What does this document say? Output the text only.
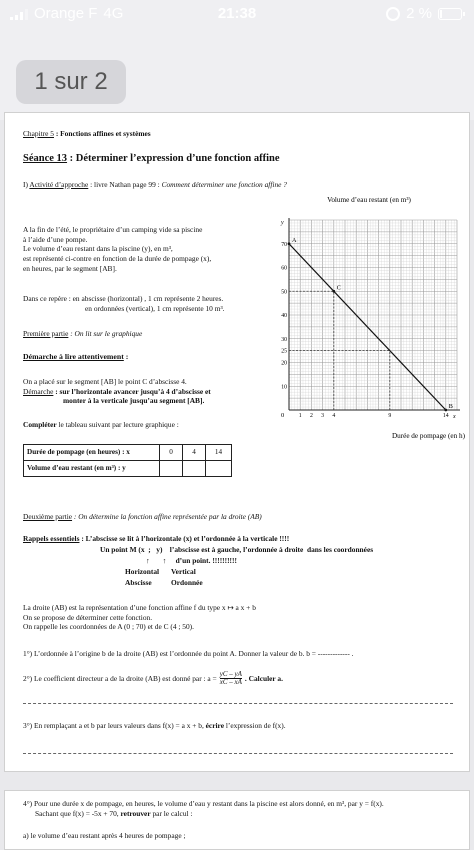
Orange F 4G	21:38	2 %
1 sur 2
Chapitre 5 : Fonctions affines et systèmes
Séance 13 : Déterminer l’expression d’une fonction affine
I) Activité d’approche : livre Nathan page 99 : Comment déterminer une fonction affine ?
A la fin de l’été, le propriétaire d’un camping vide sa piscine
à l’aide d’une pompe.
Le volume d’eau restant dans la piscine (y), en m³,
est représenté ci-contre en fonction de la durée de pompage (x),
en heures, par le segment [AB].
Dans ce repère : en abscisse (horizontal) , 1 cm représente 2 heures.
en ordonnées (vertical), 1 cm représente 10 m³.
Première partie : On lit sur le graphique
Démarche à lire attentivement :
On a placé sur le segment [AB] le point C d’abscisse 4.
Démarche : sur l’horizontale avancer jusqu’à 4 d’abscisse et
monter à la verticale jusqu’au segment [AB].
Compléter le tableau suivant par lecture graphique :
Durée de pompage (en heures) : x	0	4	14
Volume d’eau restant (en m³) : y			
Volume d’eau restant (en m³)
y
x
0 1 2 3 4	9	14
10
20
25
30
40
50
60
70
A
C
B
Durée de pompage (en h)
Deuxième partie : On détermine la fonction affine représentée par la droite (AB)
Rappels essentiels : L’abscisse se lit à l’horizontale (x) et l’ordonnée à la verticale !!!!
Un point M (x  ;   y)    l’abscisse est à gauche, l’ordonnée à droite  dans les coordonnées
↑       ↑     d’un point. !!!!!!!!!!
Horizontal Vertical
Abscisse	Ordonnée
La droite (AB) est la représentation d’une fonction affine f du type x ↦ a x + b
On se propose de déterminer cette fonction.
On rappelle les coordonnées de A (0 ; 70) et de C (4 ; 50).
1°) L’ordonnée à l’origine b de la droite (AB) est l’ordonnée du point A. Donner la valeur de b. b = ------------- .
2°) Le coefficient directeur a de la droite (AB) est donné par : $a = \frac{yC - yA}{xC - xA}$ . Calculer a.
3°) En remplaçant a et b par leurs valeurs dans f(x) = a x + b, écrire l’expression de f(x).
4°) Pour une durée x de pompage, en heures, le volume d’eau y restant dans la piscine est alors donné, en m³, par y = f(x).
Sachant que f(x) = -5x + 70, retrouver par le calcul :
a) le volume d’eau restant après 4 heures de pompage ;
